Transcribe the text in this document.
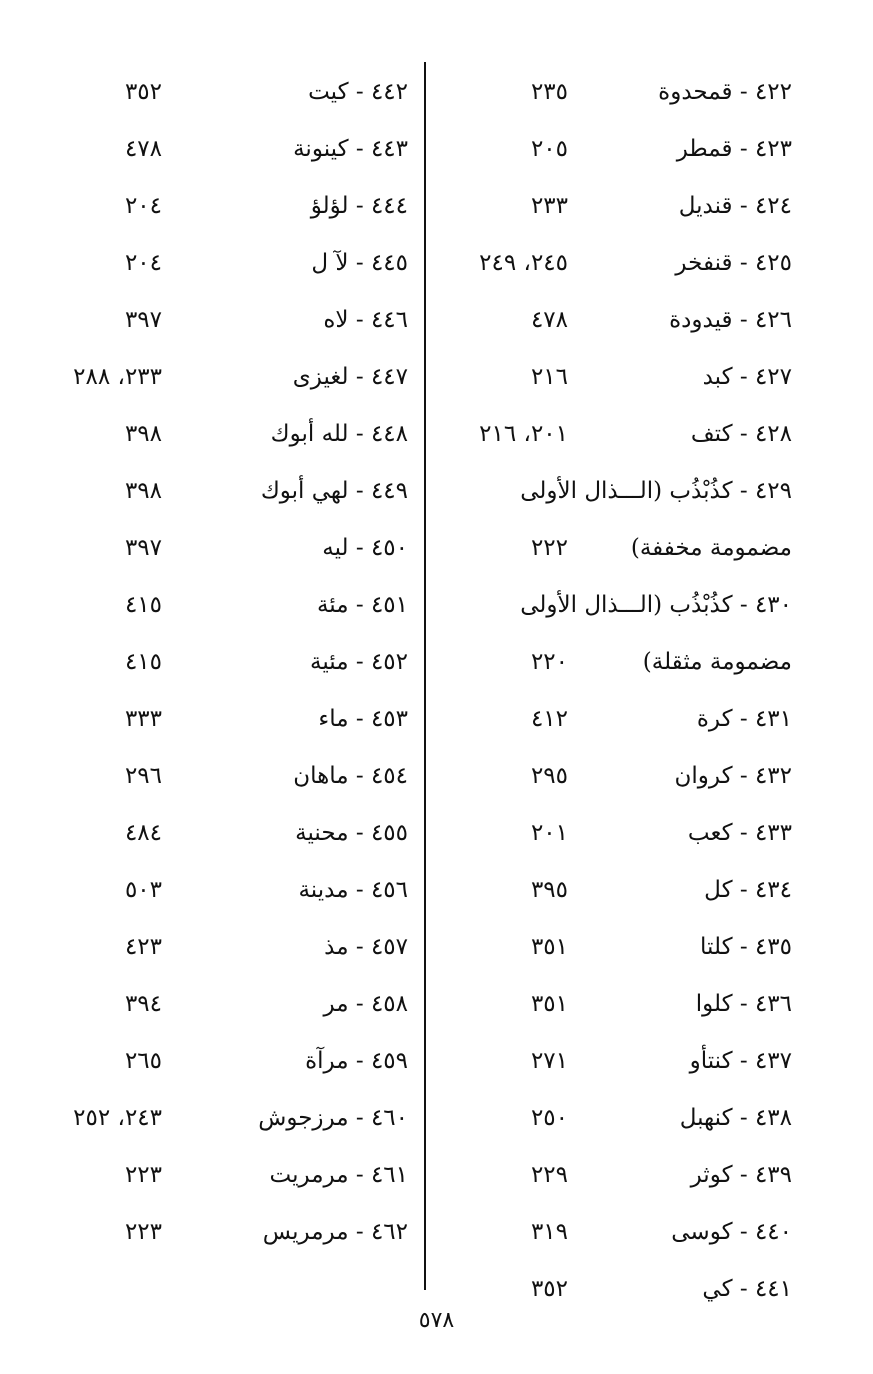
٤٢٢ - قمحدوة
٢٣٥
٤٢٣ - قمطر
٢٠٥
٤٢٤ - قنديل
٢٣٣
٤٢٥ - قنفخر
٢٤٥، ٢٤٩
٤٢٦ - قيدودة
٤٧٨
٤٢٧ - كبد
٢١٦
٤٢٨ - كتف
٢٠١، ٢١٦
٤٢٩ - كذُبْذُب (الـــذال الأولى
مضمومة مخففة)
٢٢٢
٤٣٠ - كذُبْذُب (الـــذال الأولى
مضمومة مثقلة)
٢٢٠
٤٣١ - كرة
٤١٢
٤٣٢ - كروان
٢٩٥
٤٣٣ - كعب
٢٠١
٤٣٤ - كل
٣٩٥
٤٣٥ - كلتا
٣٥١
٤٣٦ - كلوا
٣٥١
٤٣٧ - كنتأو
٢٧١
٤٣٨ - كنهبل
٢٥٠
٤٣٩ - كوثر
٢٢٩
٤٤٠ - كوسى
٣١٩
٤٤١ - كي
٣٥٢
٤٤٢ - كيت
٣٥٢
٤٤٣ - كينونة
٤٧٨
٤٤٤ - لؤلؤ
٢٠٤
٤٤٥ - لآ ل
٢٠٤
٤٤٦ - لاه
٣٩٧
٤٤٧ - لغيزى
٢٣٣، ٢٨٨
٤٤٨ - لله أبوك
٣٩٨
٤٤٩ - لهي أبوك
٣٩٨
٤٥٠ - ليه
٣٩٧
٤٥١ - مئة
٤١٥
٤٥٢ - مئية
٤١٥
٤٥٣ - ماء
٣٣٣
٤٥٤ - ماهان
٢٩٦
٤٥٥ - محنية
٤٨٤
٤٥٦ - مدينة
٥٠٣
٤٥٧ - مذ
٤٢٣
٤٥٨ - مر
٣٩٤
٤٥٩ - مرآة
٢٦٥
٤٦٠ - مرزجوش
٢٤٣، ٢٥٢
٤٦١ - مرمريت
٢٢٣
٤٦٢ - مرمريس
٢٢٣
٥٧٨
